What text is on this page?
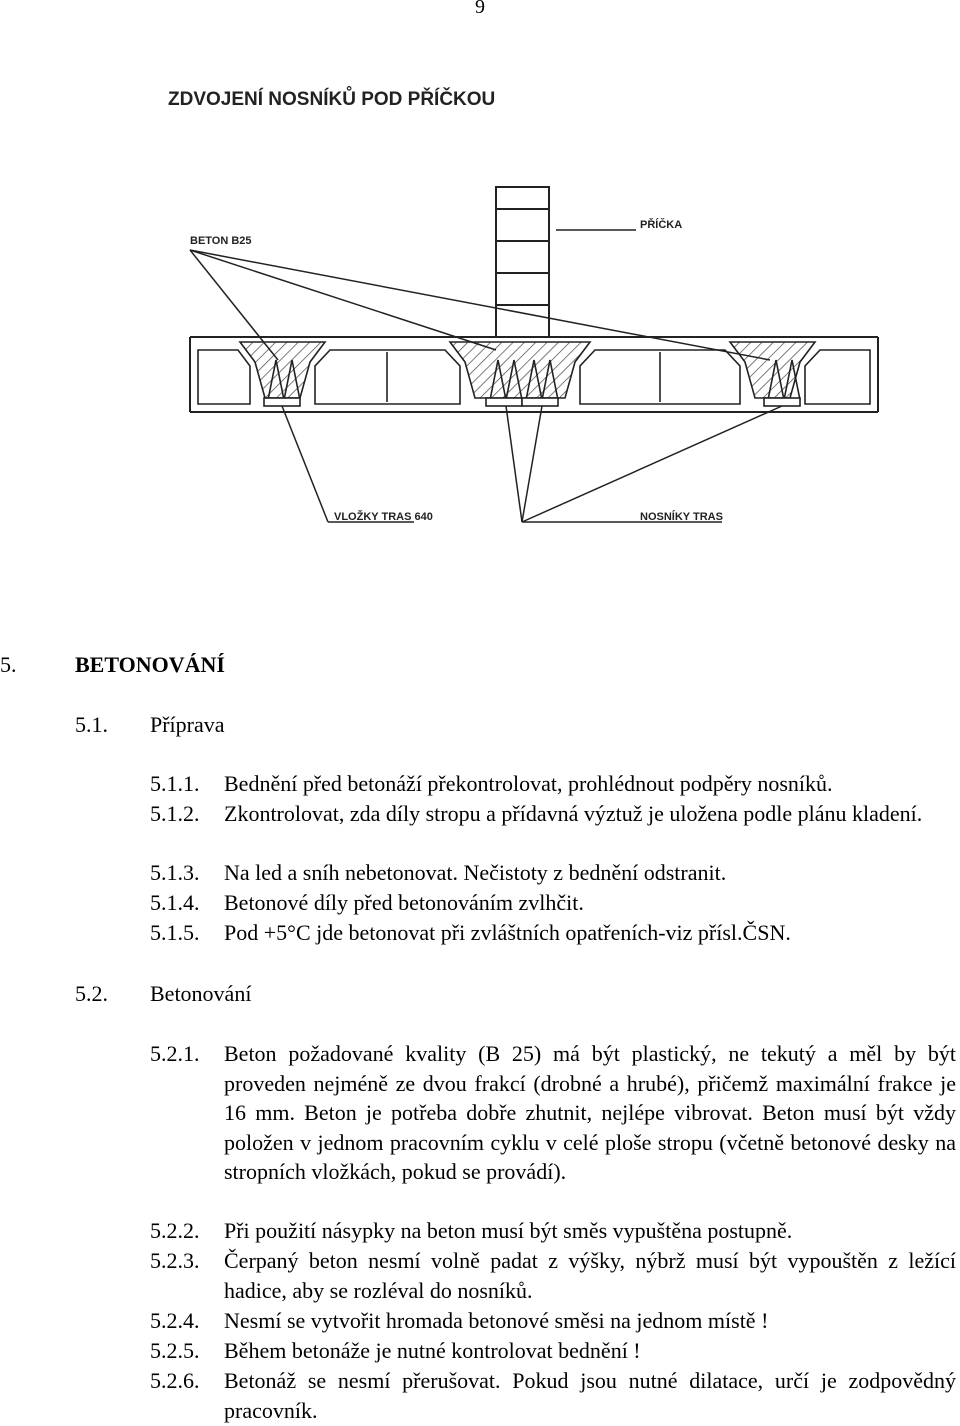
9
ZDVOJENÍ NOSNÍKŮ POD PŘÍČKOU
BETON B25
PŘÍČKA
VLOŽKY TRAS 640	NOSNÍKY TRAS
5.	BETONOVÁNÍ
5.1. Příprava
5.1.1.	Bednění před betonáží překontrolovat, prohlédnout podpěry nosníků.
5.1.2.	Zkontrolovat, zda díly stropu a přídavná výztuž je uložena podle plánu kladení.
5.1.3.	Na led a sníh nebetonovat. Nečistoty z bednění odstranit.
5.1.4.	Betonové díly před betonováním zvlhčit.
5.1.5.	Pod +5°C jde betonovat při zvláštních opatřeních-viz přísl.ČSN.
5.2. Betonování
5.2.1.	Beton požadované kvality (B 25) má být plastický, ne tekutý a měl by být proveden nejméně ze dvou frakcí (drobné a hrubé), přičemž maximální frakce je 16 mm. Beton je potřeba dobře zhutnit, nejlépe vibrovat. Beton musí být vždy položen v jednom pracovním cyklu v celé ploše stropu (včetně betonové desky na stropních vložkách, pokud se provádí).
5.2.2.	Při použití násypky na beton musí být směs vypuštěna postupně.
5.2.3.	Čerpaný beton nesmí volně padat z výšky, nýbrž musí být vypouštěn z ležící hadice, aby se rozléval do nosníků.
5.2.4.	Nesmí se vytvořit hromada betonové směsi na jednom místě !
5.2.5.	Během betonáže je nutné kontrolovat bednění !
5.2.6.	Betonáž se nesmí přerušovat. Pokud jsou nutné dilatace, určí je zodpovědný pracovník.
